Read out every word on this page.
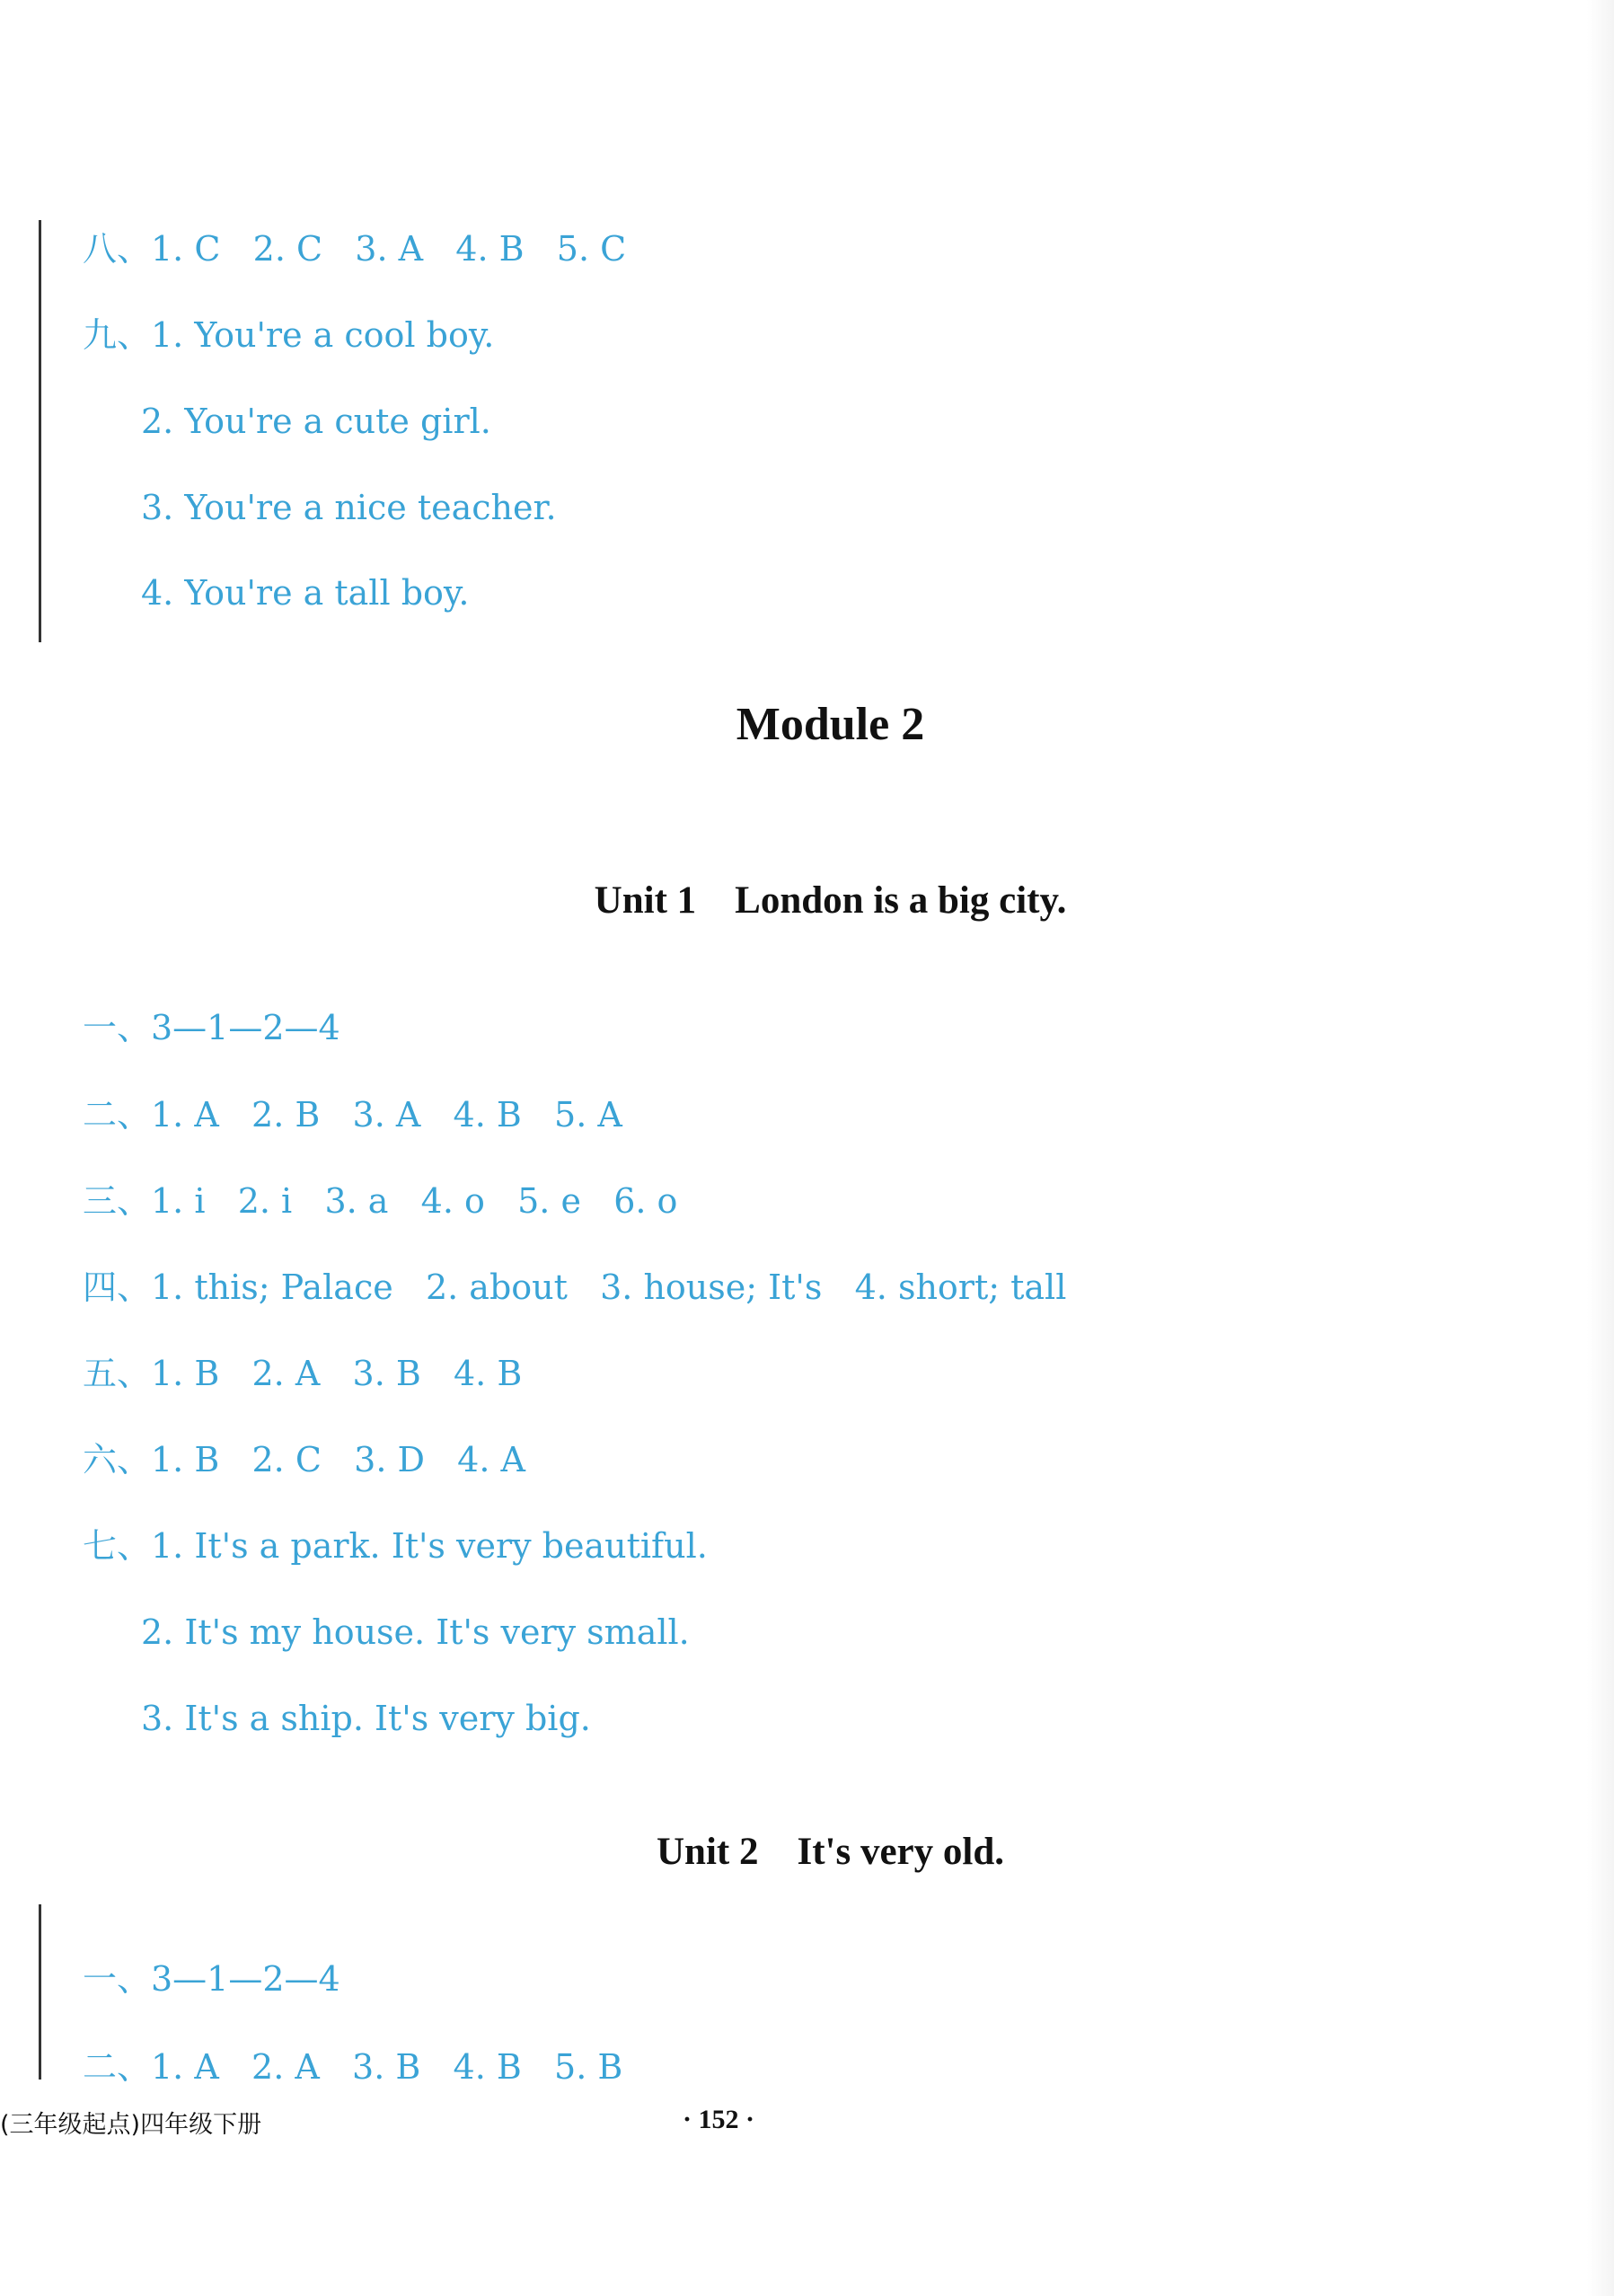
八、1. C   2. C   3. A   4. B   5. C
九、1. You're a cool boy.
2. You're a cute girl.
3. You're a nice teacher.
4. You're a tall boy.
Module 2
Unit 1    London is a big city.
一、3—1—2—4
二、1. A   2. B   3. A   4. B   5. A
三、1. i   2. i   3. a   4. o   5. e   6. o
四、1. this; Palace   2. about   3. house; It's   4. short; tall
五、1. B   2. A   3. B   4. B
六、1. B   2. C   3. D   4. A
七、1. It's a park. It's very beautiful.
2. It's my house. It's very small.
3. It's a ship. It's very big.
Unit 2    It's very old.
一、3—1—2—4
二、1. A   2. A   3. B   4. B   5. B
(三年级起点)四年级下册	· 152 ·
